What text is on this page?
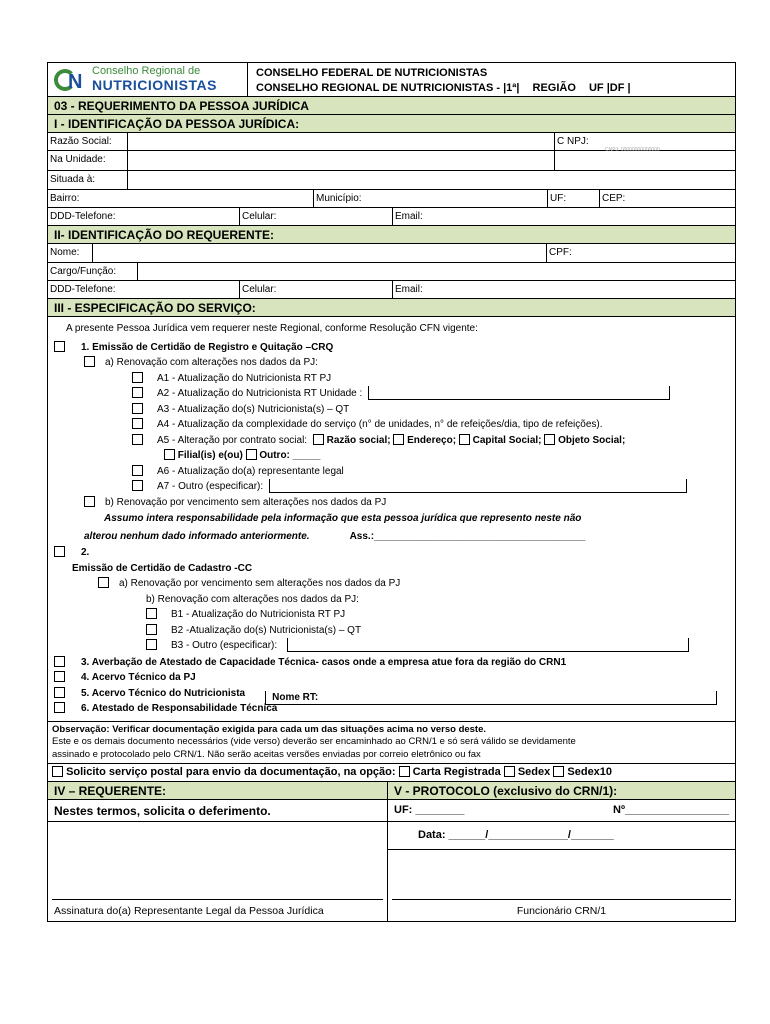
N Conselho Regional de
NUTRICIONISTAS
CONSELHO FEDERAL DE NUTRICIONISTAS
CONSELHO REGIONAL DE NUTRICIONISTAS - |1ª| REGIÃO UF |DF |
03 - REQUERIMENTO DA PESSOA JURÍDICA
I - IDENTIFICAÇÃO DA PESSOA JURÍDICA:
Razão Social:	C NPJ:
Na Unidade:
CNPJ: 00000000000000
Situada à:
Bairro:	Município:	UF:	CEP:
DDD-Telefone:	Celular:	Email:
II- IDENTIFICAÇÃO DO REQUERENTE:
Nome:	CPF:
Cargo/Função:
DDD-Telefone:	Celular:	Email:
III - ESPECIFICAÇÃO DO SERVIÇO:
A presente Pessoa Jurídica vem requerer neste Regional, conforme Resolução CFN vigente:
1. Emissão de Certidão de Registro e Quitação –CRQ
a) Renovação com alterações nos dados da PJ:
A1 - Atualização do Nutricionista RT PJ
A2 - Atualização do Nutricionista RT Unidade :
A3 - Atualização do(s) Nutricionista(s) – QT
A4 - Atualização da complexidade do serviço (n° de unidades, n° de refeições/dia, tipo de refeições).
A5 - Alteração por contrato social: Razão social; Endereço; Capital Social; Objeto Social;
Filial(is) e(ou) Outro: _____
A6 - Atualização do(a) representante legal
A7 - Outro (especificar):
b) Renovação por vencimento sem alterações nos dados da PJ
Assumo intera responsabilidade pela informação que esta pessoa jurídica que represento neste não
alterou nenhum dado informado anteriormente.	Ass.:______________________________________
2.
Emissão de Certidão de Cadastro -CC
a) Renovação por vencimento sem alterações nos dados da PJ
b) Renovação com alterações nos dados da PJ:
B1 - Atualização do Nutricionista RT PJ
B2 -Atualização do(s) Nutricionista(s) – QT
B3 - Outro (especificar):
3. Averbação de Atestado de Capacidade Técnica- casos onde a empresa atue fora da região do CRN1
4. Acervo Técnico da PJ
5. Acervo Técnico do Nutricionista	Nome RT:
6. Atestado de Responsabilidade Técnica
Observação: Verificar documentação exigida para cada um das situações acima no verso deste.
Este e os demais documento necessários (vide verso) deverão ser encaminhado ao CRN/1 e só será válido se devidamente
assinado e protocolado pelo CRN/1. Não serão aceitas versões enviadas por correio eletrônico ou fax
Solicito serviço postal para envio da documentação, na opção: Carta Registrada Sedex Sedex10
IV – REQUERENTE:
Nestes termos, solicita o deferimento.
Assinatura do(a) Representante Legal da Pessoa Jurídica
V - PROTOCOLO (exclusivo do CRN/1):
UF: ________	Nº_________________
Data: ______/_____________/_______
Funcionário CRN/1
